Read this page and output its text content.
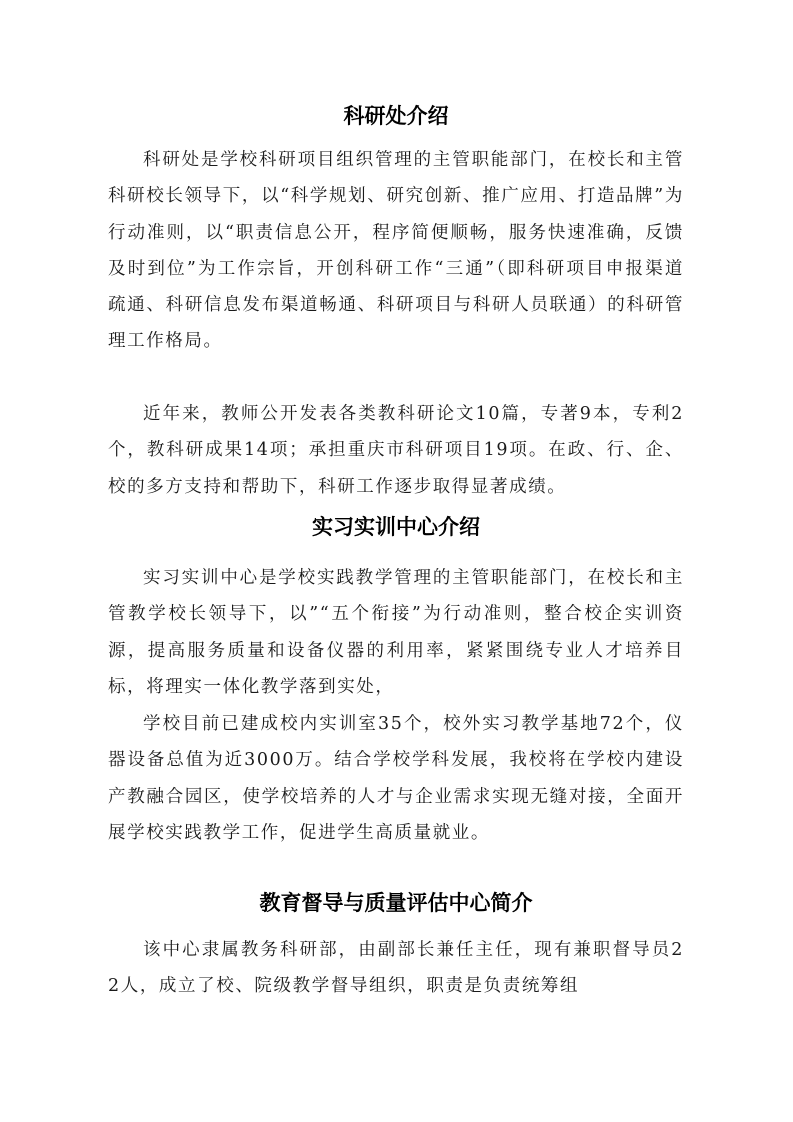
科研处介绍

科研处是学校科研项目组织管理的主管职能部门，在校长和主管科研校长领导下，以“科学规划、研究创新、推广应用、打造品牌”为行动准则，以“职责信息公开，程序简便顺畅，服务快速准确，反馈及时到位”为工作宗旨，开创科研工作“三通”（即科研项目申报渠道疏通、科研信息发布渠道畅通、科研项目与科研人员联通）的科研管理工作格局。

近年来，教师公开发表各类教科研论文10篇，专著9本，专利2个，教科研成果14项；承担重庆市科研项目19项。在政、行、企、校的多方支持和帮助下，科研工作逐步取得显著成绩。

实习实训中心介绍

实习实训中心是学校实践教学管理的主管职能部门，在校长和主管教学校长领导下，以”“五个衔接”为行动准则，整合校企实训资源，提高服务质量和设备仪器的利用率，紧紧围绕专业人才培养目标，将理实一体化教学落到实处，

学校目前已建成校内实训室35个，校外实习教学基地72个，仪器设备总值为近3000万。结合学校学科发展，我校将在学校内建设产教融合园区，使学校培养的人才与企业需求实现无缝对接，全面开展学校实践教学工作，促进学生高质量就业。

教育督导与质量评估中心简介

该中心隶属教务科研部，由副部长兼任主任，现有兼职督导员22人，成立了校、院级教学督导组织，职责是负责统筹组
